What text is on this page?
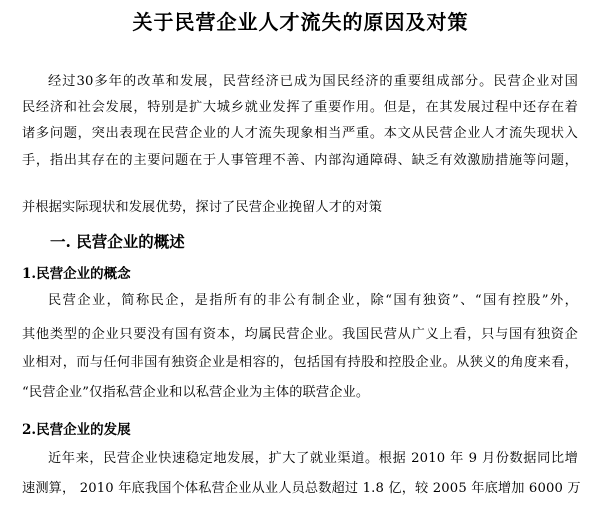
关于民营企业人才流失的原因及对策
经过30多年的改革和发展，民营经济已成为国民经济的重要组成部分。民营企业对国
民经济和社会发展，特别是扩大城乡就业发挥了重要作用。但是，在其发展过程中还存在着
诸多问题，突出表现在民营企业的人才流失现象相当严重。本文从民营企业人才流失现状入
手，指出其存在的主要问题在于人事管理不善、内部沟通障碍、缺乏有效激励措施等问题，
并根据实际现状和发展优势，探讨了民营企业挽留人才的对策
一. 民营企业的概述
1.民营企业的概念
民营企业，简称民企，是指所有的非公有制企业，除“国有独资”、“国有控股”外，
其他类型的企业只要没有国有资本，均属民营企业。我国民营从广义上看，只与国有独资企
业相对，而与任何非国有独资企业是相容的，包括国有持股和控股企业。从狭义的角度来看，
“民营企业”仅指私营企业和以私营企业为主体的联营企业。
2.民营企业的发展
近年来，民营企业快速稳定地发展，扩大了就业渠道。根据 2010 年 9 月份数据同比增
速测算， 2010 年底我国个体私营企业从业人员总数超过 1.8 亿，较 2005 年底增加 6000 万
